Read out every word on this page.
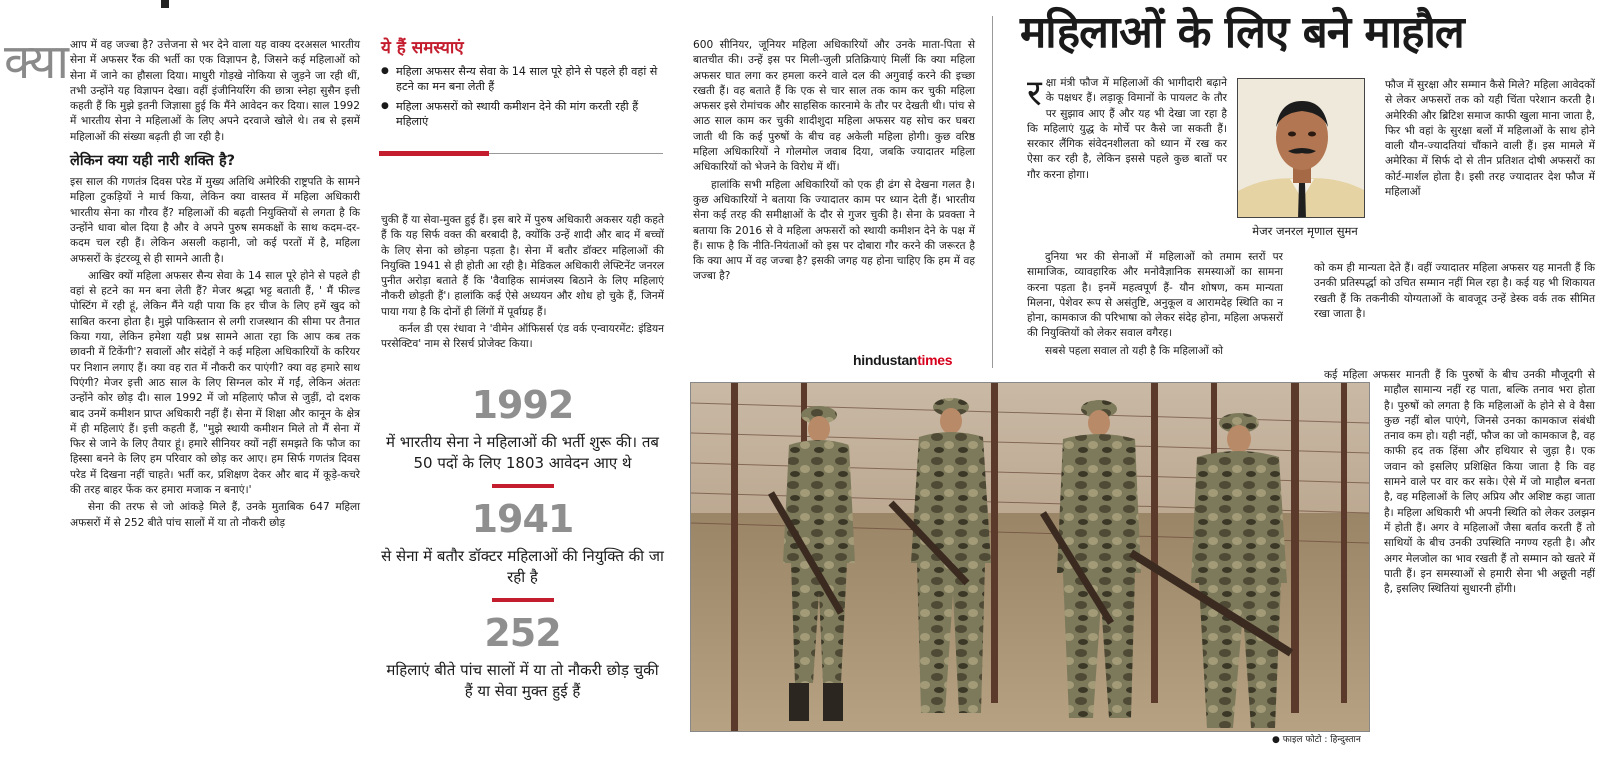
क्या आप में वह जज्बा है? उत्तेजना से भर देने वाला यह वाक्य दरअसल भारतीय सेना में अफसर रैंक की भर्ती का एक विज्ञापन है, जिसने कई महिलाओं को सेना में जाने का हौसला दिया। माधुरी गोड़खे नोकिया से जुड़ने जा रही थीं, तभी उन्होंने यह विज्ञापन देखा। वहीं इंजीनियरिंग की छात्रा स्नेहा सुसैन इत्ती कहती हैं कि मुझे इतनी जिज्ञासा हुई कि मैंने आवेदन कर दिया। साल 1992 में भारतीय सेना ने महिलाओं के लिए अपने दरवाजे खोले थे। तब से इसमें महिलाओं की संख्या बढ़ती ही जा रही है।

लेकिन क्या यही नारी शक्ति है?

इस साल की गणतंत्र दिवस परेड में मुख्य अतिथि अमेरिकी राष्ट्रपति के सामने महिला टुकड़ियों ने मार्च किया, लेकिन क्या वास्तव में महिला अधिकारी भारतीय सेना का गौरव हैं? महिलाओं की बढ़ती नियुक्तियों से लगता है कि उन्होंने धावा बोल दिया है और वे अपने पुरुष समकक्षों के साथ कदम-दर-कदम चल रही हैं। लेकिन असली कहानी, जो कई परतों में है, महिला अफसरों के इंटरव्यू से ही सामने आती है।

आखिर क्यों महिला अफसर सैन्य सेवा के 14 साल पूरे होने से पहले ही वहां से हटने का मन बना लेती हैं? मेजर श्रद्धा भट्ट बताती हैं, ' मैं फील्ड पोस्टिंग में रही हूं, लेकिन मैंने यही पाया कि हर चीज के लिए हमें खुद को साबित करना होता है। मुझे पाकिस्तान से लगी राजस्थान की सीमा पर तैनात किया गया, लेकिन हमेशा यही प्रश्न सामने आता रहा कि आप कब तक छावनी में टिकेंगी'? सवालों और संदेहों ने कई महिला अधिकारियों के करियर पर निशान लगाए हैं। क्या वह रात में नौकरी कर पाएंगी? क्या वह हमारे साथ पिएंगी? मेजर इत्ती आठ साल के लिए सिग्नल कोर में गईं, लेकिन अंततः उन्होंने कोर छोड़ दी। साल 1992 में जो महिलाएं फौज से जुड़ीं, दो दशक बाद उनमें कमीशन प्राप्त अधिकारी नहीं हैं। सेना में शिक्षा और कानून के क्षेत्र में ही महिलाएं हैं। इत्ती कहती हैं, "मुझे स्थायी कमीशन मिले तो मैं सेना में फिर से जाने के लिए तैयार हूं। हमारे सीनियर क्यों नहीं समझते कि फौज का हिस्सा बनने के लिए हम परिवार को छोड़ कर आए। हम सिर्फ गणतंत्र दिवस परेड में दिखना नहीं चाहते। भर्ती कर, प्रशिक्षण देकर और बाद में कूड़े-कचरे की तरह बाहर फेंक कर हमारा मजाक न बनाएं।'

सेना की तरफ से जो आंकड़े मिले हैं, उनके मुताबिक 647 महिला अफसरों में से 252 बीते पांच सालों में या तो नौकरी छोड़

ये हैं समस्याएं
● महिला अफसर सैन्य सेवा के 14 साल पूरे होने से पहले ही वहां से हटने का मन बना लेती हैं
● महिला अफसरों को स्थायी कमीशन देने की मांग करती रही हैं महिलाएं

चुकी हैं या सेवा-मुक्त हुई हैं। इस बारे में पुरुष अधिकारी अकसर यही कहते हैं कि यह सिर्फ वक्त की बरबादी है, क्योंकि उन्हें शादी और बाद में बच्चों के लिए सेना को छोड़ना पड़ता है। सेना में बतौर डॉक्टर महिलाओं की नियुक्ति 1941 से ही होती आ रही है। मेडिकल अधिकारी लेफ्टिनेंट जनरल पुनीत अरोड़ा बताते हैं कि 'वैवाहिक सामंजस्य बिठाने के लिए महिलाएं नौकरी छोड़ती हैं'। हालांकि कई ऐसे अध्ययन और शोध हो चुके हैं, जिनमें पाया गया है कि दोनों ही लिंगों में पूर्वाग्रह हैं।

कर्नल डी एस रंधावा ने 'वीमेन ऑफिसर्स एंड वर्क एन्वायरमेंट: इंडियन परसेक्टिव' नाम से रिसर्च प्रोजेक्ट किया।

1992
में भारतीय सेना ने महिलाओं की भर्ती शुरू की। तब 50 पदों के लिए 1803 आवेदन आए थे
1941
से सेना में बतौर डॉक्टर महिलाओं की नियुक्ति की जा रही है
252
महिलाएं बीते पांच सालों में या तो नौकरी छोड़ चुकी हैं या सेवा मुक्त हुई हैं

600 सीनियर, जूनियर महिला अधिकारियों और उनके माता-पिता से बातचीत की। उन्हें इस पर मिली-जुली प्रतिक्रियाएं मिलीं कि क्या महिला अफसर घात लगा कर हमला करने वाले दल की अगुवाई करने की इच्छा रखती हैं। वह बताते हैं कि एक से चार साल तक काम कर चुकी महिला अफसर इसे रोमांचक और साहसिक कारनामे के तौर पर देखती थी। पांच से आठ साल काम कर चुकी शादीशुदा महिला अफसर यह सोच कर घबरा जाती थी कि कई पुरुषों के बीच वह अकेली महिला होगी। कुछ वरिष्ठ महिला अधिकारियों ने गोलमोल जवाब दिया, जबकि ज्यादातर महिला अधिकारियों को भेजने के विरोध में थीं।

हालांकि सभी महिला अधिकारियों को एक ही ढंग से देखना गलत है। कुछ अधिकारियों ने बताया कि ज्यादातर काम पर ध्यान देती हैं। भारतीय सेना कई तरह की समीक्षाओं के दौर से गुजर चुकी है। सेना के प्रवक्ता ने बताया कि 2016 से वे महिला अफसरों को स्थायी कमीशन देने के पक्ष में हैं। साफ है कि नीति-नियंताओं को इस पर दोबारा गौर करने की जरूरत है कि क्या आप में वह जज्बा है? इसकी जगह यह होना चाहिए कि हम में वह जज्बा है?

hindustantimes
महिलाओं के लिए बने माहौल

रक्षा मंत्री फौज में महिलाओं की भागीदारी बढ़ाने के पक्षधर हैं। लड़ाकू विमानों के पायलट के तौर पर सुझाव आए हैं और यह भी देखा जा रहा है कि महिलाएं युद्ध के मोर्चे पर कैसे जा सकती हैं। सरकार लैंगिक संवेदनशीलता को ध्यान में रख कर ऐसा कर रही है, लेकिन इससे पहले कुछ बातों पर गौर करना होगा।

दुनिया भर की सेनाओं में महिलाओं को तमाम स्तरों पर सामाजिक, व्यावहारिक और मनोवैज्ञानिक समस्याओं का सामना करना पड़ता है। इनमें महत्वपूर्ण हैं- यौन शोषण, कम मान्यता मिलना, पेशेवर रूप से असंतुष्टि, अनुकूल व आरामदेह स्थिति का न होना, कामकाज की परिभाषा को लेकर संदेह होना, महिला अफसरों की नियुक्तियों को लेकर सवाल वगैरह।

सबसे पहला सवाल तो यही है कि महिलाओं को

मेजर जनरल मृणाल सुमन

फौज में सुरक्षा और सम्मान कैसे मिले? महिला आवेदकों से लेकर अफसरों तक को यही चिंता परेशान करती है। अमेरिकी और ब्रिटिश समाज काफी खुला माना जाता है, फिर भी वहां के सुरक्षा बलों में महिलाओं के साथ होने वाली यौन-ज्यादतियां चौंकाने वाली हैं। इस मामले में अमेरिका में सिर्फ दो से तीन प्रतिशत दोषी अफसरों का कोर्ट-मार्शल होता है। इसी तरह ज्यादातर देश फौज में महिलाओं

को कम ही मान्यता देते हैं। वहीं ज्यादातर महिला अफसर यह मानती हैं कि उनकी प्रतिस्पर्द्धा को उचित सम्मान नहीं मिल रहा है। कई यह भी शिकायत रखती हैं कि तकनीकी योग्यताओं के बावजूद उन्हें डेस्क वर्क तक सीमित रखा जाता है।

कई महिला अफसर मानती हैं कि पुरुषों के बीच उनकी मौजूदगी से माहौल सामान्य नहीं रह पाता, बल्कि तनाव भरा होता है। पुरुषों को लगता है कि महिलाओं के होने से वे वैसा कुछ नहीं बोल पाएंगे, जिनसे उनका कामकाज संबंधी तनाव कम हो। यही नहीं, फौज का जो कामकाज है, वह काफी हद तक हिंसा और हथियार से जुड़ा है। एक जवान को इसलिए प्रशिक्षित किया जाता है कि वह सामने वाले पर वार कर सके। ऐसे में जो माहौल बनता है, वह महिलाओं के लिए अप्रिय और अशिष्ट कहा जाता है। महिला अधिकारी भी अपनी स्थिति को लेकर उलझन में होती हैं। अगर वे महिलाओं जैसा बर्ताव करती हैं तो साथियों के बीच उनकी उपस्थिति नगण्य रहती है। और अगर मेलजोल का भाव रखती हैं तो सम्मान को खतरे में पाती हैं। इन समस्याओं से हमारी सेना भी अछूती नहीं है, इसलिए स्थितियां सुधारनी होंगी।

● फाइल फोटो : हिन्दुस्तान
